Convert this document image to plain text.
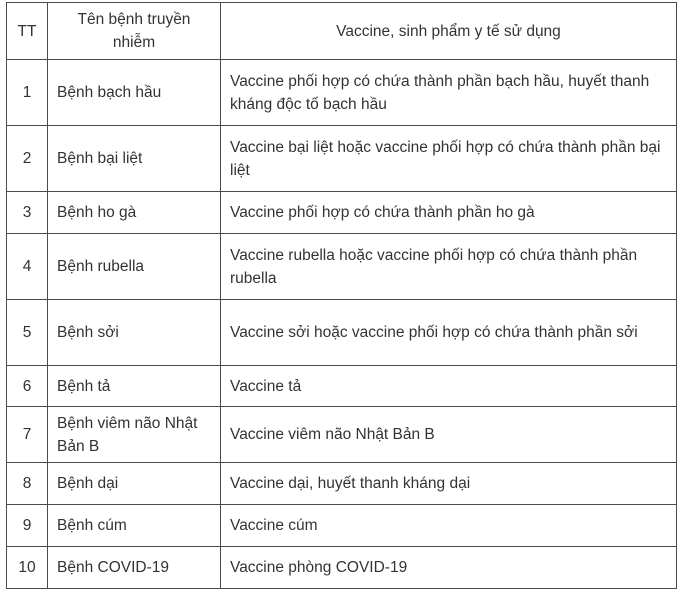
TT	Tên bệnh truyền nhiễm	Vaccine, sinh phẩm y tế sử dụng
1	Bệnh bạch hầu	Vaccine phối hợp có chứa thành phần bạch hầu, huyết thanh kháng độc tố bạch hầu
2	Bệnh bại liệt	Vaccine bại liệt hoặc vaccine phối hợp có chứa thành phần bại liệt
3	Bệnh ho gà	Vaccine phối hợp có chứa thành phần ho gà
4	Bệnh rubella	Vaccine rubella hoặc vaccine phối hợp có chứa thành phần rubella
5	Bệnh sởi	Vaccine sởi hoặc vaccine phối hợp có chứa thành phần sởi
6	Bệnh tả	Vaccine tả
7	Bệnh viêm não Nhật Bản B	Vaccine viêm não Nhật Bản B
8	Bệnh dại	Vaccine dại, huyết thanh kháng dại
9	Bệnh cúm	Vaccine cúm
10	Bệnh COVID-19	Vaccine phòng COVID-19
